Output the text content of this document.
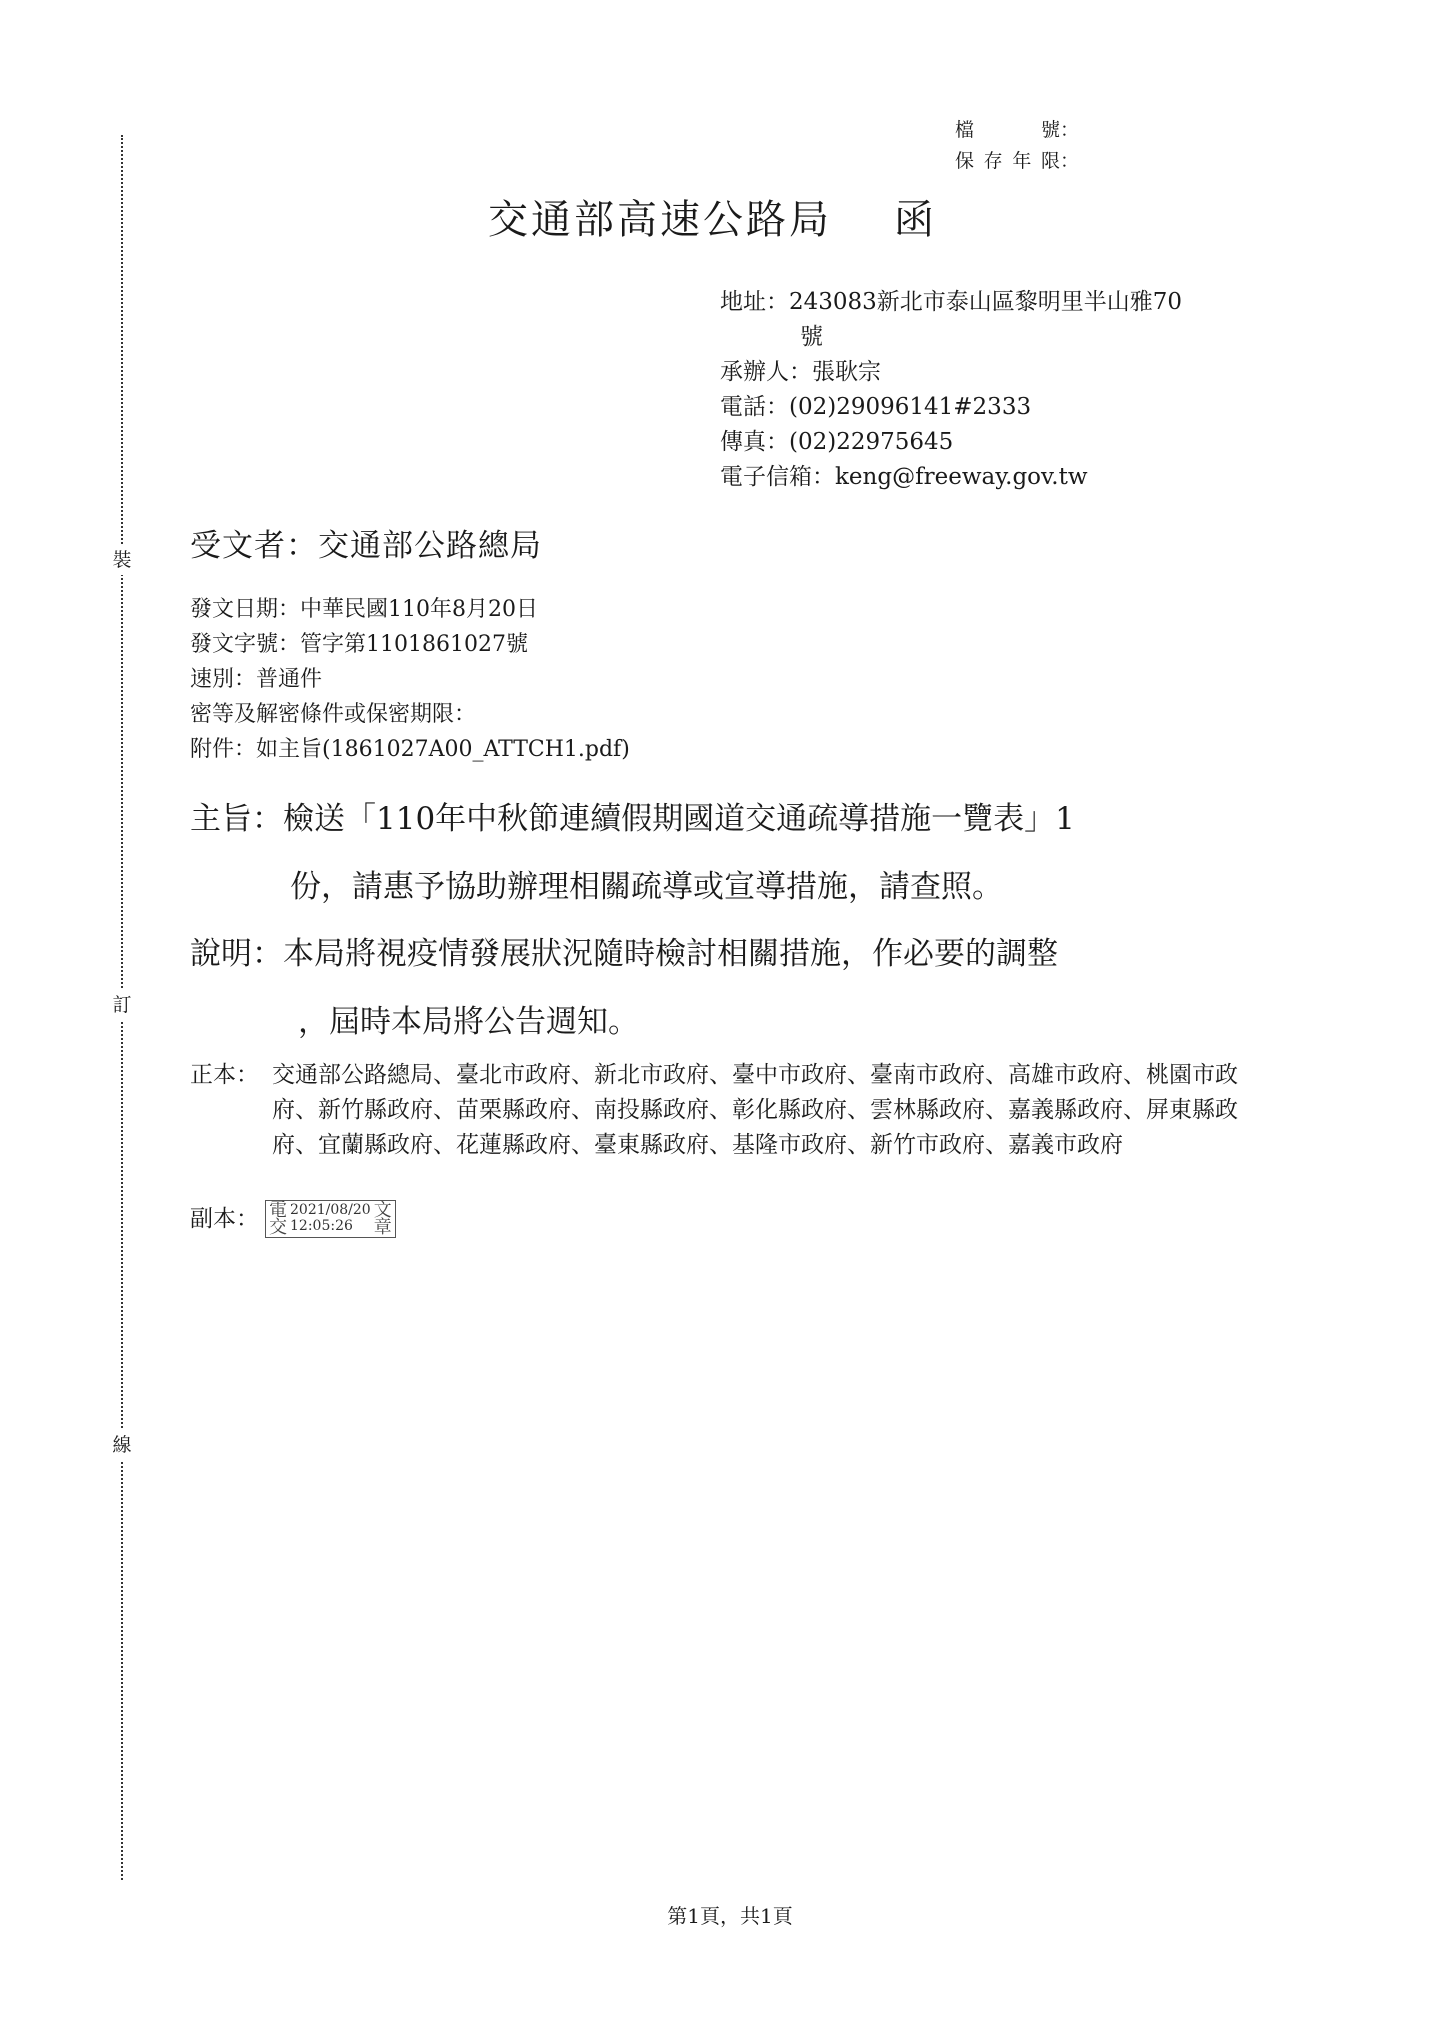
裝
訂
線
檔　號 ：
保存年限 ：
交通部高速公路局 函
地址：243083新北市泰山區黎明里半山雅70
號
承辦人：張耿宗
電話：(02)29096141#2333
傳真：(02)22975645
電子信箱：keng@freeway.gov.tw
受文者：交通部公路總局
發文日期：中華民國110年8月20日
發文字號：管字第1101861027號
速別：普通件
密等及解密條件或保密期限：
附件：如主旨(1861027A00_ATTCH1.pdf)
主旨：檢送「110年中秋節連續假期國道交通疏導措施一覽表」1
份，請惠予協助辦理相關疏導或宣導措施，請查照。
說明：本局將視疫情發展狀況隨時檢討相關措施，作必要的調整
，屆時本局將公告週知。
正本： 交通部公路總局、臺北市政府、新北市政府、臺中市政府、臺南市政府、高雄市政府、桃園市政府、新竹縣政府、苗栗縣政府、南投縣政府、彰化縣政府、雲林縣政府、嘉義縣政府、屏東縣政府、宜蘭縣政府、花蓮縣政府、臺東縣政府、基隆市政府、新竹市政府、嘉義市政府
副本： 電
交
2021/08/20
12:05:26
文
章
第1頁，共1頁
